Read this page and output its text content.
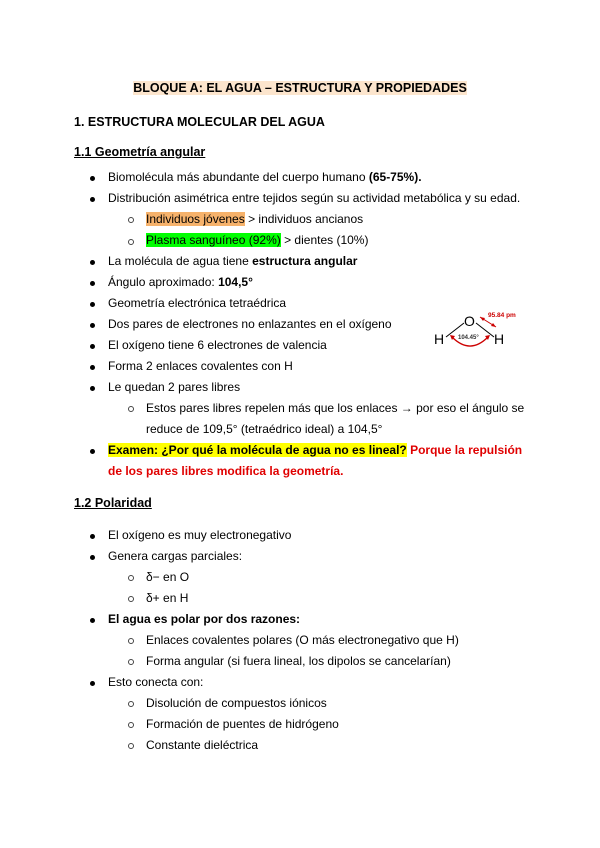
BLOQUE A: EL AGUA – ESTRUCTURA Y PROPIEDADES
1. ESTRUCTURA MOLECULAR DEL AGUA
1.1 Geometría angular
Biomolécula más abundante del cuerpo humano (65-75%).
Distribución asimétrica entre tejidos según su actividad metabólica y su edad.
Individuos jóvenes > individuos ancianos
Plasma sanguíneo (92%) > dientes (10%)
La molécula de agua tiene estructura angular
Ángulo aproximado: 104,5°
Geometría electrónica tetraédrica
Dos pares de electrones no enlazantes en el oxígeno
El oxígeno tiene 6 electrones de valencia
Forma 2 enlaces covalentes con H
Le quedan 2 pares libres
Estos pares libres repelen más que los enlaces → por eso el ángulo se
reduce de 109,5° (tetraédrico ideal) a 104,5°
Examen: ¿Por qué la molécula de agua no es lineal? Porque la repulsión
de los pares libres modifica la geometría.
H
O
H
95.84 pm
104.45°
1.2 Polaridad
El oxígeno es muy electronegativo
Genera cargas parciales:
δ− en O
δ+ en H
El agua es polar por dos razones:
Enlaces covalentes polares (O más electronegativo que H)
Forma angular (si fuera lineal, los dipolos se cancelarían)
Esto conecta con:
Disolución de compuestos iónicos
Formación de puentes de hidrógeno
Constante dieléctrica
